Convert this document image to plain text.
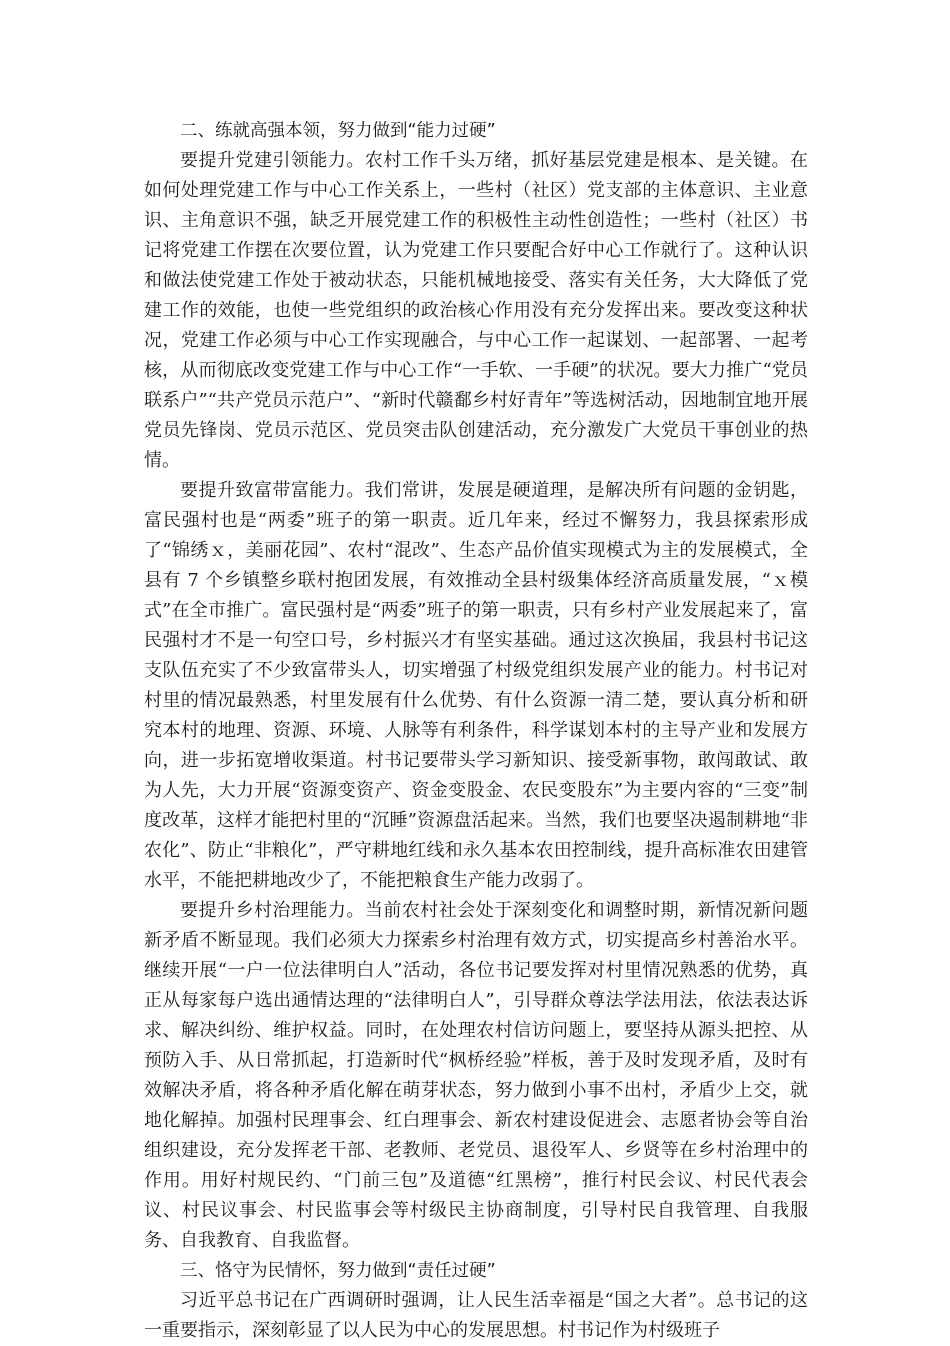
二、练就高强本领，努力做到“能力过硬”

要提升党建引领能力。农村工作千头万绪，抓好基层党建是根本、是关键。在如何处理党建工作与中心工作关系上，一些村（社区）党支部的主体意识、主业意识、主角意识不强，缺乏开展党建工作的积极性主动性创造性；一些村（社区）书记将党建工作摆在次要位置，认为党建工作只要配合好中心工作就行了。这种认识和做法使党建工作处于被动状态，只能机械地接受、落实有关任务，大大降低了党建工作的效能，也使一些党组织的政治核心作用没有充分发挥出来。要改变这种状况，党建工作必须与中心工作实现融合，与中心工作一起谋划、一起部署、一起考核，从而彻底改变党建工作与中心工作“一手软、一手硬”的状况。要大力推广“党员联系户”“共产党员示范户”、“新时代赣鄱乡村好青年”等选树活动，因地制宜地开展党员先锋岗、党员示范区、党员突击队创建活动，充分激发广大党员干事创业的热情。

要提升致富带富能力。我们常讲，发展是硬道理，是解决所有问题的金钥匙，富民强村也是“两委”班子的第一职责。近几年来，经过不懈努力，我县探索形成了“锦绣ｘ，美丽花园”、农村“混改”、生态产品价值实现模式为主的发展模式，全县有 7 个乡镇整乡联村抱团发展，有效推动全县村级集体经济高质量发展，“ｘ模式”在全市推广。富民强村是“两委”班子的第一职责，只有乡村产业发展起来了，富民强村才不是一句空口号，乡村振兴才有坚实基础。通过这次换届，我县村书记这支队伍充实了不少致富带头人，切实增强了村级党组织发展产业的能力。村书记对村里的情况最熟悉，村里发展有什么优势、有什么资源一清二楚，要认真分析和研究本村的地理、资源、环境、人脉等有利条件，科学谋划本村的主导产业和发展方向，进一步拓宽增收渠道。村书记要带头学习新知识、接受新事物，敢闯敢试、敢为人先，大力开展“资源变资产、资金变股金、农民变股东”为主要内容的“三变”制度改革，这样才能把村里的“沉睡”资源盘活起来。当然，我们也要坚决遏制耕地“非农化”、防止“非粮化”，严守耕地红线和永久基本农田控制线，提升高标准农田建管水平，不能把耕地改少了，不能把粮食生产能力改弱了。

要提升乡村治理能力。当前农村社会处于深刻变化和调整时期，新情况新问题新矛盾不断显现。我们必须大力探索乡村治理有效方式，切实提高乡村善治水平。继续开展“一户一位法律明白人”活动，各位书记要发挥对村里情况熟悉的优势，真正从每家每户选出通情达理的“法律明白人”，引导群众尊法学法用法，依法表达诉求、解决纠纷、维护权益。同时，在处理农村信访问题上，要坚持从源头把控、从预防入手、从日常抓起，打造新时代“枫桥经验”样板，善于及时发现矛盾，及时有效解决矛盾，将各种矛盾化解在萌芽状态，努力做到小事不出村，矛盾少上交，就地化解掉。加强村民理事会、红白理事会、新农村建设促进会、志愿者协会等自治组织建设，充分发挥老干部、老教师、老党员、退役军人、乡贤等在乡村治理中的作用。用好村规民约、“门前三包”及道德“红黑榜”，推行村民会议、村民代表会议、村民议事会、村民监事会等村级民主协商制度，引导村民自我管理、自我服务、自我教育、自我监督。

三、恪守为民情怀，努力做到“责任过硬”

习近平总书记在广西调研时强调，让人民生活幸福是“国之大者”。总书记的这一重要指示，深刻彰显了以人民为中心的发展思想。村书记作为村级班子
